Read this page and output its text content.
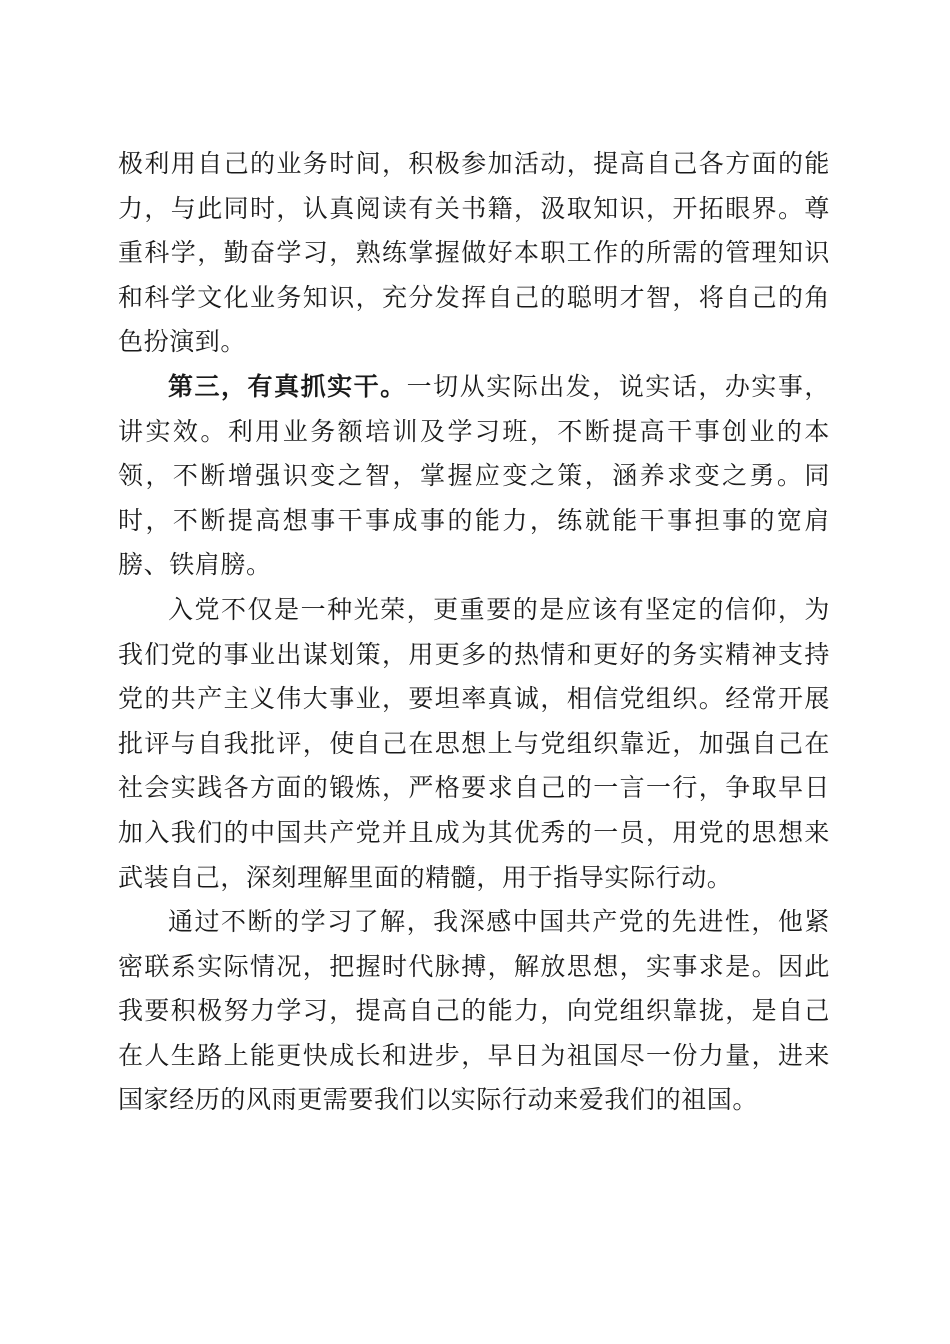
极利用自己的业务时间，积极参加活动，提高自己各方面的能力，与此同时，认真阅读有关书籍，汲取知识，开拓眼界。尊重科学，勤奋学习，熟练掌握做好本职工作的所需的管理知识和科学文化业务知识，充分发挥自己的聪明才智，将自己的角色扮演到。

第三，有真抓实干。一切从实际出发，说实话，办实事，讲实效。利用业务额培训及学习班，不断提高干事创业的本领，不断增强识变之智，掌握应变之策，涵养求变之勇。同时，不断提高想事干事成事的能力，练就能干事担事的宽肩膀、铁肩膀。

入党不仅是一种光荣，更重要的是应该有坚定的信仰，为我们党的事业出谋划策，用更多的热情和更好的务实精神支持党的共产主义伟大事业，要坦率真诚，相信党组织。经常开展批评与自我批评，使自己在思想上与党组织靠近，加强自己在社会实践各方面的锻炼，严格要求自己的一言一行，争取早日加入我们的中国共产党并且成为其优秀的一员，用党的思想来武装自己，深刻理解里面的精髓，用于指导实际行动。

通过不断的学习了解，我深感中国共产党的先进性，他紧密联系实际情况，把握时代脉搏，解放思想，实事求是。因此我要积极努力学习，提高自己的能力，向党组织靠拢，是自己在人生路上能更快成长和进步，早日为祖国尽一份力量，进来国家经历的风雨更需要我们以实际行动来爱我们的祖国。
